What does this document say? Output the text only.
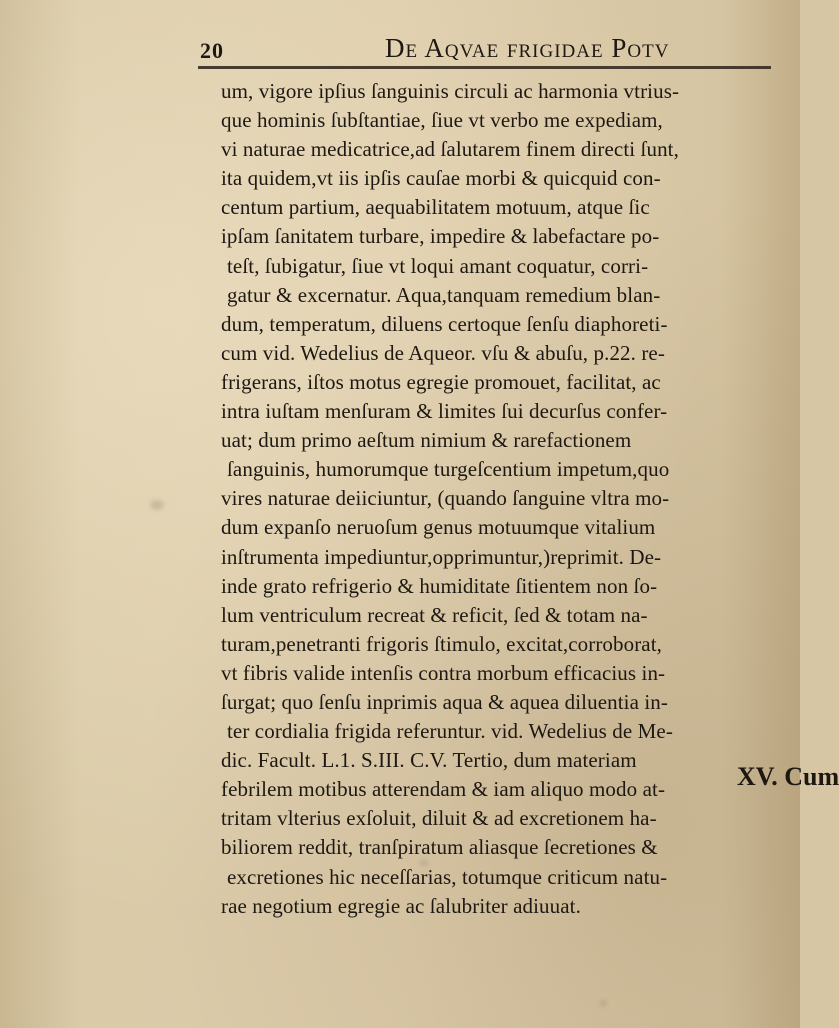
20	De Aqvae frigidae Potv
um, vigore ipſius ſanguinis circuli ac harmonia vtrius-
que hominis ſubſtantiae, ſiue vt verbo me expediam,
vi naturae medicatrice,ad ſalutarem finem directi ſunt,
ita quidem,vt iis ipſis cauſae morbi & quicquid con-
centum partium, aequabilitatem motuum, atque ſic
ipſam ſanitatem turbare, impedire & labefactare po-
teſt, ſubigatur, ſiue vt loqui amant coquatur, corri-
gatur & excernatur. Aqua,tanquam remedium blan-
dum, temperatum, diluens certoque ſenſu diaphoreti-
cum vid. Wedelius de Aqueor. vſu & abuſu, p.22. re-
frigerans, iſtos motus egregie promouet, facilitat, ac
intra iuſtam menſuram & limites ſui decurſus confer-
uat; dum primo aeſtum nimium & rarefactionem
ſanguinis, humorumque turgeſcentium impetum,quo
vires naturae deiiciuntur, (quando ſanguine vltra mo-
dum expanſo neruoſum genus motuumque vitalium
inſtrumenta impediuntur,opprimuntur,)reprimit. De-
inde grato refrigerio & humiditate ſitientem non ſo-
lum ventriculum recreat & reficit, ſed & totam na-
turam,penetranti frigoris ſtimulo, excitat,corroborat,
vt fibris valide intenſis contra morbum efficacius in-
ſurgat; quo ſenſu inprimis aqua & aquea diluentia in-
ter cordialia frigida referuntur. vid. Wedelius de Me-
dic. Facult. L.1. S.III. C.V. Tertio, dum materiam
febrilem motibus atterendam & iam aliquo modo at-
tritam vlterius exſoluit, diluit & ad excretionem ha-
biliorem reddit, tranſpiratum aliasque ſecretiones &
excretiones hic neceſſarias, totumque criticum natu-
rae negotium egregie ac ſalubriter adiuuat.
XV. Cum
